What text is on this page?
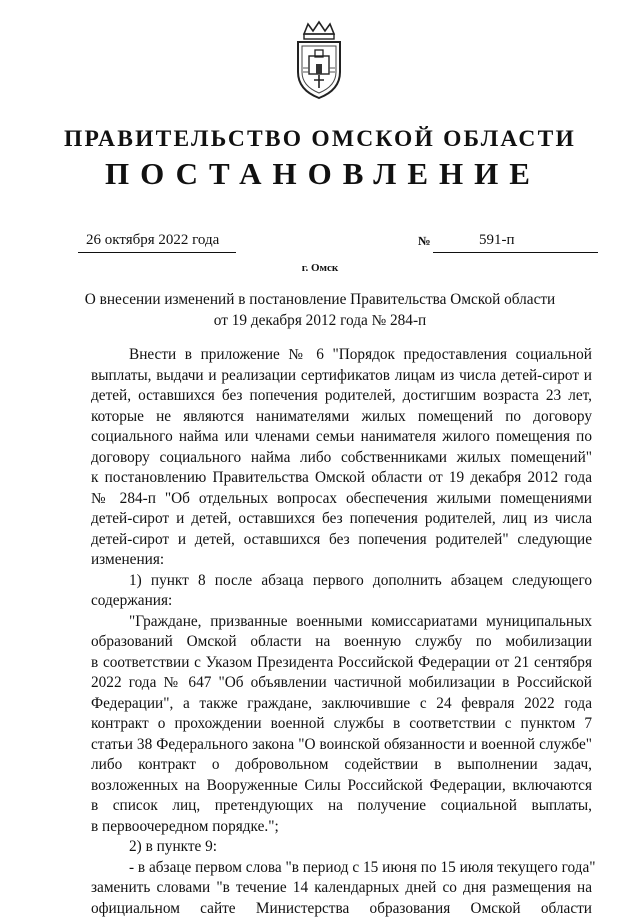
ПРАВИТЕЛЬСТВО ОМСКОЙ ОБЛАСТИ
ПОСТАНОВЛЕНИЕ
26 октября 2022 года	№	591-п
г. Омск
О внесении изменений в постановление Правительства Омской области
от 19 декабря 2012 года № 284-п
Внести в приложение № 6 "Порядок предоставления социальной
выплаты, выдачи и реализации сертификатов лицам из числа детей-сирот и
детей, оставшихся без попечения родителей, достигшим возраста 23 лет,
которые не являются нанимателями жилых помещений по договору
социального найма или членами семьи нанимателя жилого помещения по
договору социального найма либо собственниками жилых помещений"
к постановлению Правительства Омской области от 19 декабря 2012 года
№ 284-п "Об отдельных вопросах обеспечения жилыми помещениями
детей-сирот и детей, оставшихся без попечения родителей, лиц из числа
детей-сирот и детей, оставшихся без попечения родителей" следующие
изменения:
1) пункт 8 после абзаца первого дополнить абзацем следующего
содержания:
"Граждане, призванные военными комиссариатами муниципальных
образований Омской области на военную службу по мобилизации
в соответствии с Указом Президента Российской Федерации от 21 сентября
2022 года № 647 "Об объявлении частичной мобилизации в Российской
Федерации", а также граждане, заключившие с 24 февраля 2022 года
контракт о прохождении военной службы в соответствии с пунктом 7
статьи 38 Федерального закона "О воинской обязанности и военной службе"
либо контракт о добровольном содействии в выполнении задач,
возложенных на Вооруженные Силы Российской Федерации, включаются
в список лиц, претендующих на получение социальной выплаты,
в первоочередном порядке.";
2) в пункте 9:
- в абзаце первом слова "в период с 15 июня по 15 июля текущего года"
заменить словами "в течение 14 календарных дней со дня размещения на
официальном сайте Министерства образования Омской области
